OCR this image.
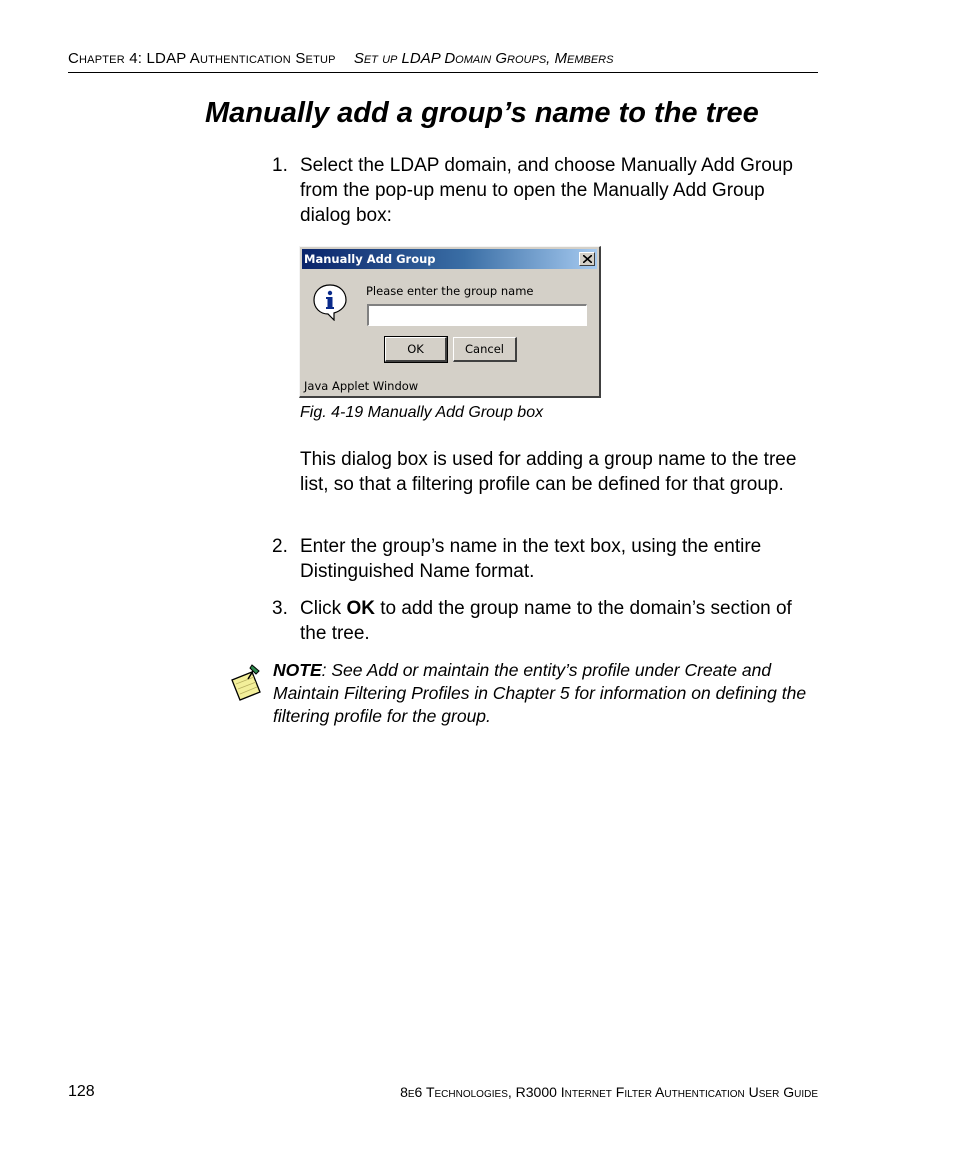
Chapter 4: LDAP Authentication Setup Set up LDAP Domain Groups, Members
Manually add a group’s name to the tree
1. Select the LDAP domain, and choose Manually Add Group from the pop-up menu to open the Manually Add Group dialog box:
Manually Add Group
Please enter the group name
OK	Cancel
Java Applet Window
Fig. 4-19 Manually Add Group box
This dialog box is used for adding a group name to the tree list, so that a filtering profile can be defined for that group.
2. Enter the group’s name in the text box, using the entire Distinguished Name format.
3. Click OK to add the group name to the domain’s section of the tree.
NOTE: See Add or maintain the entity’s profile under Create and Maintain Filtering Profiles in Chapter 5 for information on defining the filtering profile for the group.
128	8e6 Technologies, R3000 Internet Filter Authentication User Guide
